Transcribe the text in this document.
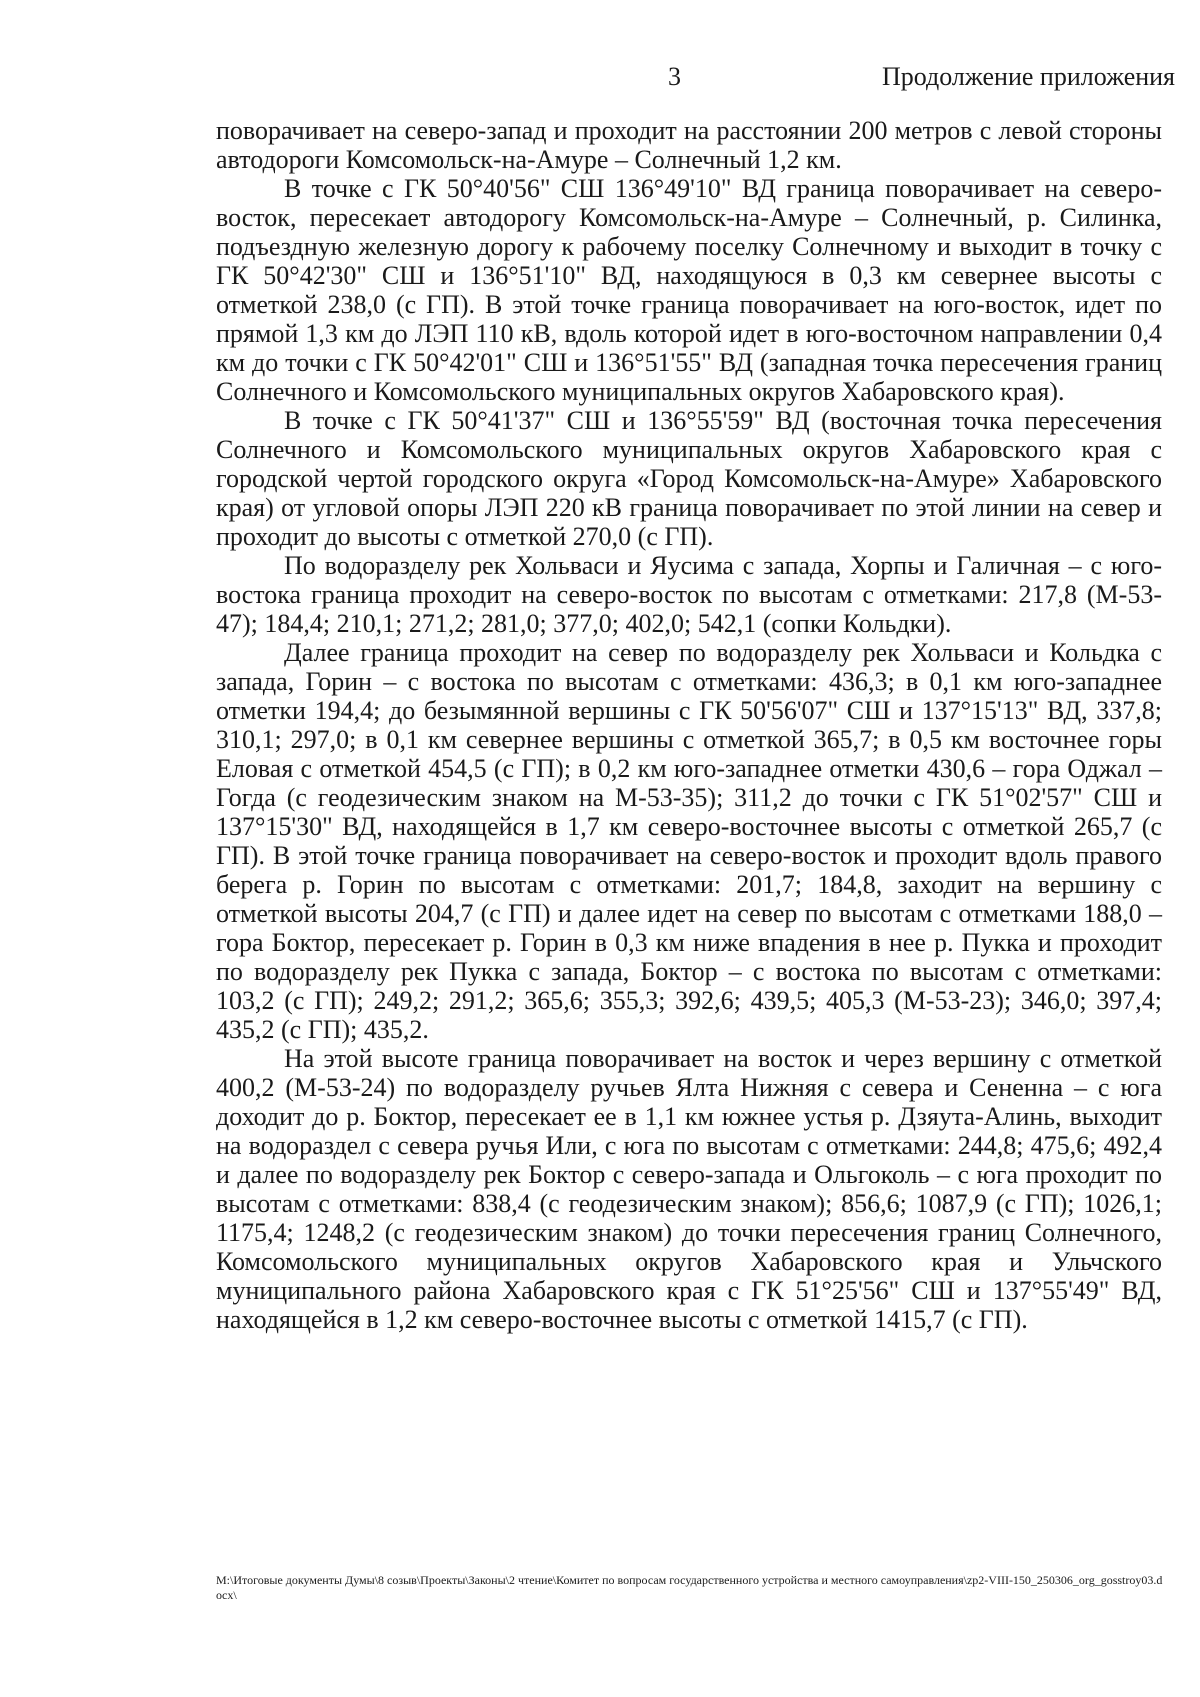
3	Продолжение приложения

поворачивает на северо-запад и проходит на расстоянии 200 метров с левой стороны автодороги Комсомольск-на-Амуре – Солнечный 1,2 км.

В точке с ГК 50°40'56" СШ 136°49'10" ВД граница поворачивает на северо-восток, пересекает автодорогу Комсомольск-на-Амуре – Солнечный, р. Силинка, подъездную железную дорогу к рабочему поселку Солнечному и выходит в точку с ГК 50°42'30" СШ и 136°51'10" ВД, находящуюся в 0,3 км севернее высоты с отметкой 238,0 (с ГП). В этой точке граница поворачивает на юго-восток, идет по прямой 1,3 км до ЛЭП 110 кВ, вдоль которой идет в юго-восточном направлении 0,4 км до точки с ГК 50°42'01" СШ и 136°51'55" ВД (западная точка пересечения границ Солнечного и Комсомольского муниципальных округов Хабаровского края).

В точке с ГК 50°41'37" СШ и 136°55'59" ВД (восточная точка пересечения Солнечного и Комсомольского муниципальных округов Хабаровского края с городской чертой городского округа «Город Комсомольск-на-Амуре» Хабаровского края) от угловой опоры ЛЭП 220 кВ граница поворачивает по этой линии на север и проходит до высоты с отметкой 270,0 (с ГП).

По водоразделу рек Хольваси и Яусима с запада, Хорпы и Галичная – с юго-востока граница проходит на северо-восток по высотам с отметками: 217,8 (М-53-47); 184,4; 210,1; 271,2; 281,0; 377,0; 402,0; 542,1 (сопки Кольдки).

Далее граница проходит на север по водоразделу рек Хольваси и Кольдка с запада, Горин – с востока по высотам с отметками: 436,3; в 0,1 км юго-западнее отметки 194,4; до безымянной вершины с ГК 50'56'07" СШ и 137°15'13" ВД, 337,8; 310,1; 297,0; в 0,1 км севернее вершины с отметкой 365,7; в 0,5 км восточнее горы Еловая с отметкой 454,5 (с ГП); в 0,2 км юго-западнее отметки 430,6 – гора Оджал – Гогда (с геодезическим знаком на М-53-35); 311,2 до точки с ГК 51°02'57" СШ и 137°15'30" ВД, находящейся в 1,7 км северо-восточнее высоты с отметкой 265,7 (с ГП). В этой точке граница поворачивает на северо-восток и проходит вдоль правого берега р. Горин по высотам с отметками: 201,7; 184,8, заходит на вершину с отметкой высоты 204,7 (с ГП) и далее идет на север по высотам с отметками 188,0 – гора Боктор, пересекает р. Горин в 0,3 км ниже впадения в нее р. Пукка и проходит по водоразделу рек Пукка с запада, Боктор – с востока по высотам с отметками: 103,2 (с ГП); 249,2; 291,2; 365,6; 355,3; 392,6; 439,5; 405,3 (М-53-23); 346,0; 397,4; 435,2 (с ГП); 435,2.

На этой высоте граница поворачивает на восток и через вершину с отметкой 400,2 (М-53-24) по водоразделу ручьев Ялта Нижняя с севера и Сененна – с юга доходит до р. Боктор, пересекает ее в 1,1 км южнее устья р. Дзяута-Алинь, выходит на водораздел с севера ручья Или, с юга по высотам с отметками: 244,8; 475,6; 492,4 и далее по водоразделу рек Боктор с северо-запада и Ольгоколь – с юга проходит по высотам с отметками: 838,4 (с геодезическим знаком); 856,6; 1087,9 (с ГП); 1026,1; 1175,4; 1248,2 (с геодезическим знаком) до точки пересечения границ Солнечного, Комсомольского муниципальных округов Хабаровского края и Ульчского муниципального района Хабаровского края с ГК 51°25'56" СШ и 137°55'49" ВД, находящейся в 1,2 км северо-восточнее высоты с отметкой 1415,7 (с ГП).

M:\Итоговые документы Думы\8 созыв\Проекты\Законы\2 чтение\Комитет по вопросам государственного устройства и местного самоуправления\zp2-VIII-150_250306_org_gosstroy03.docx\
